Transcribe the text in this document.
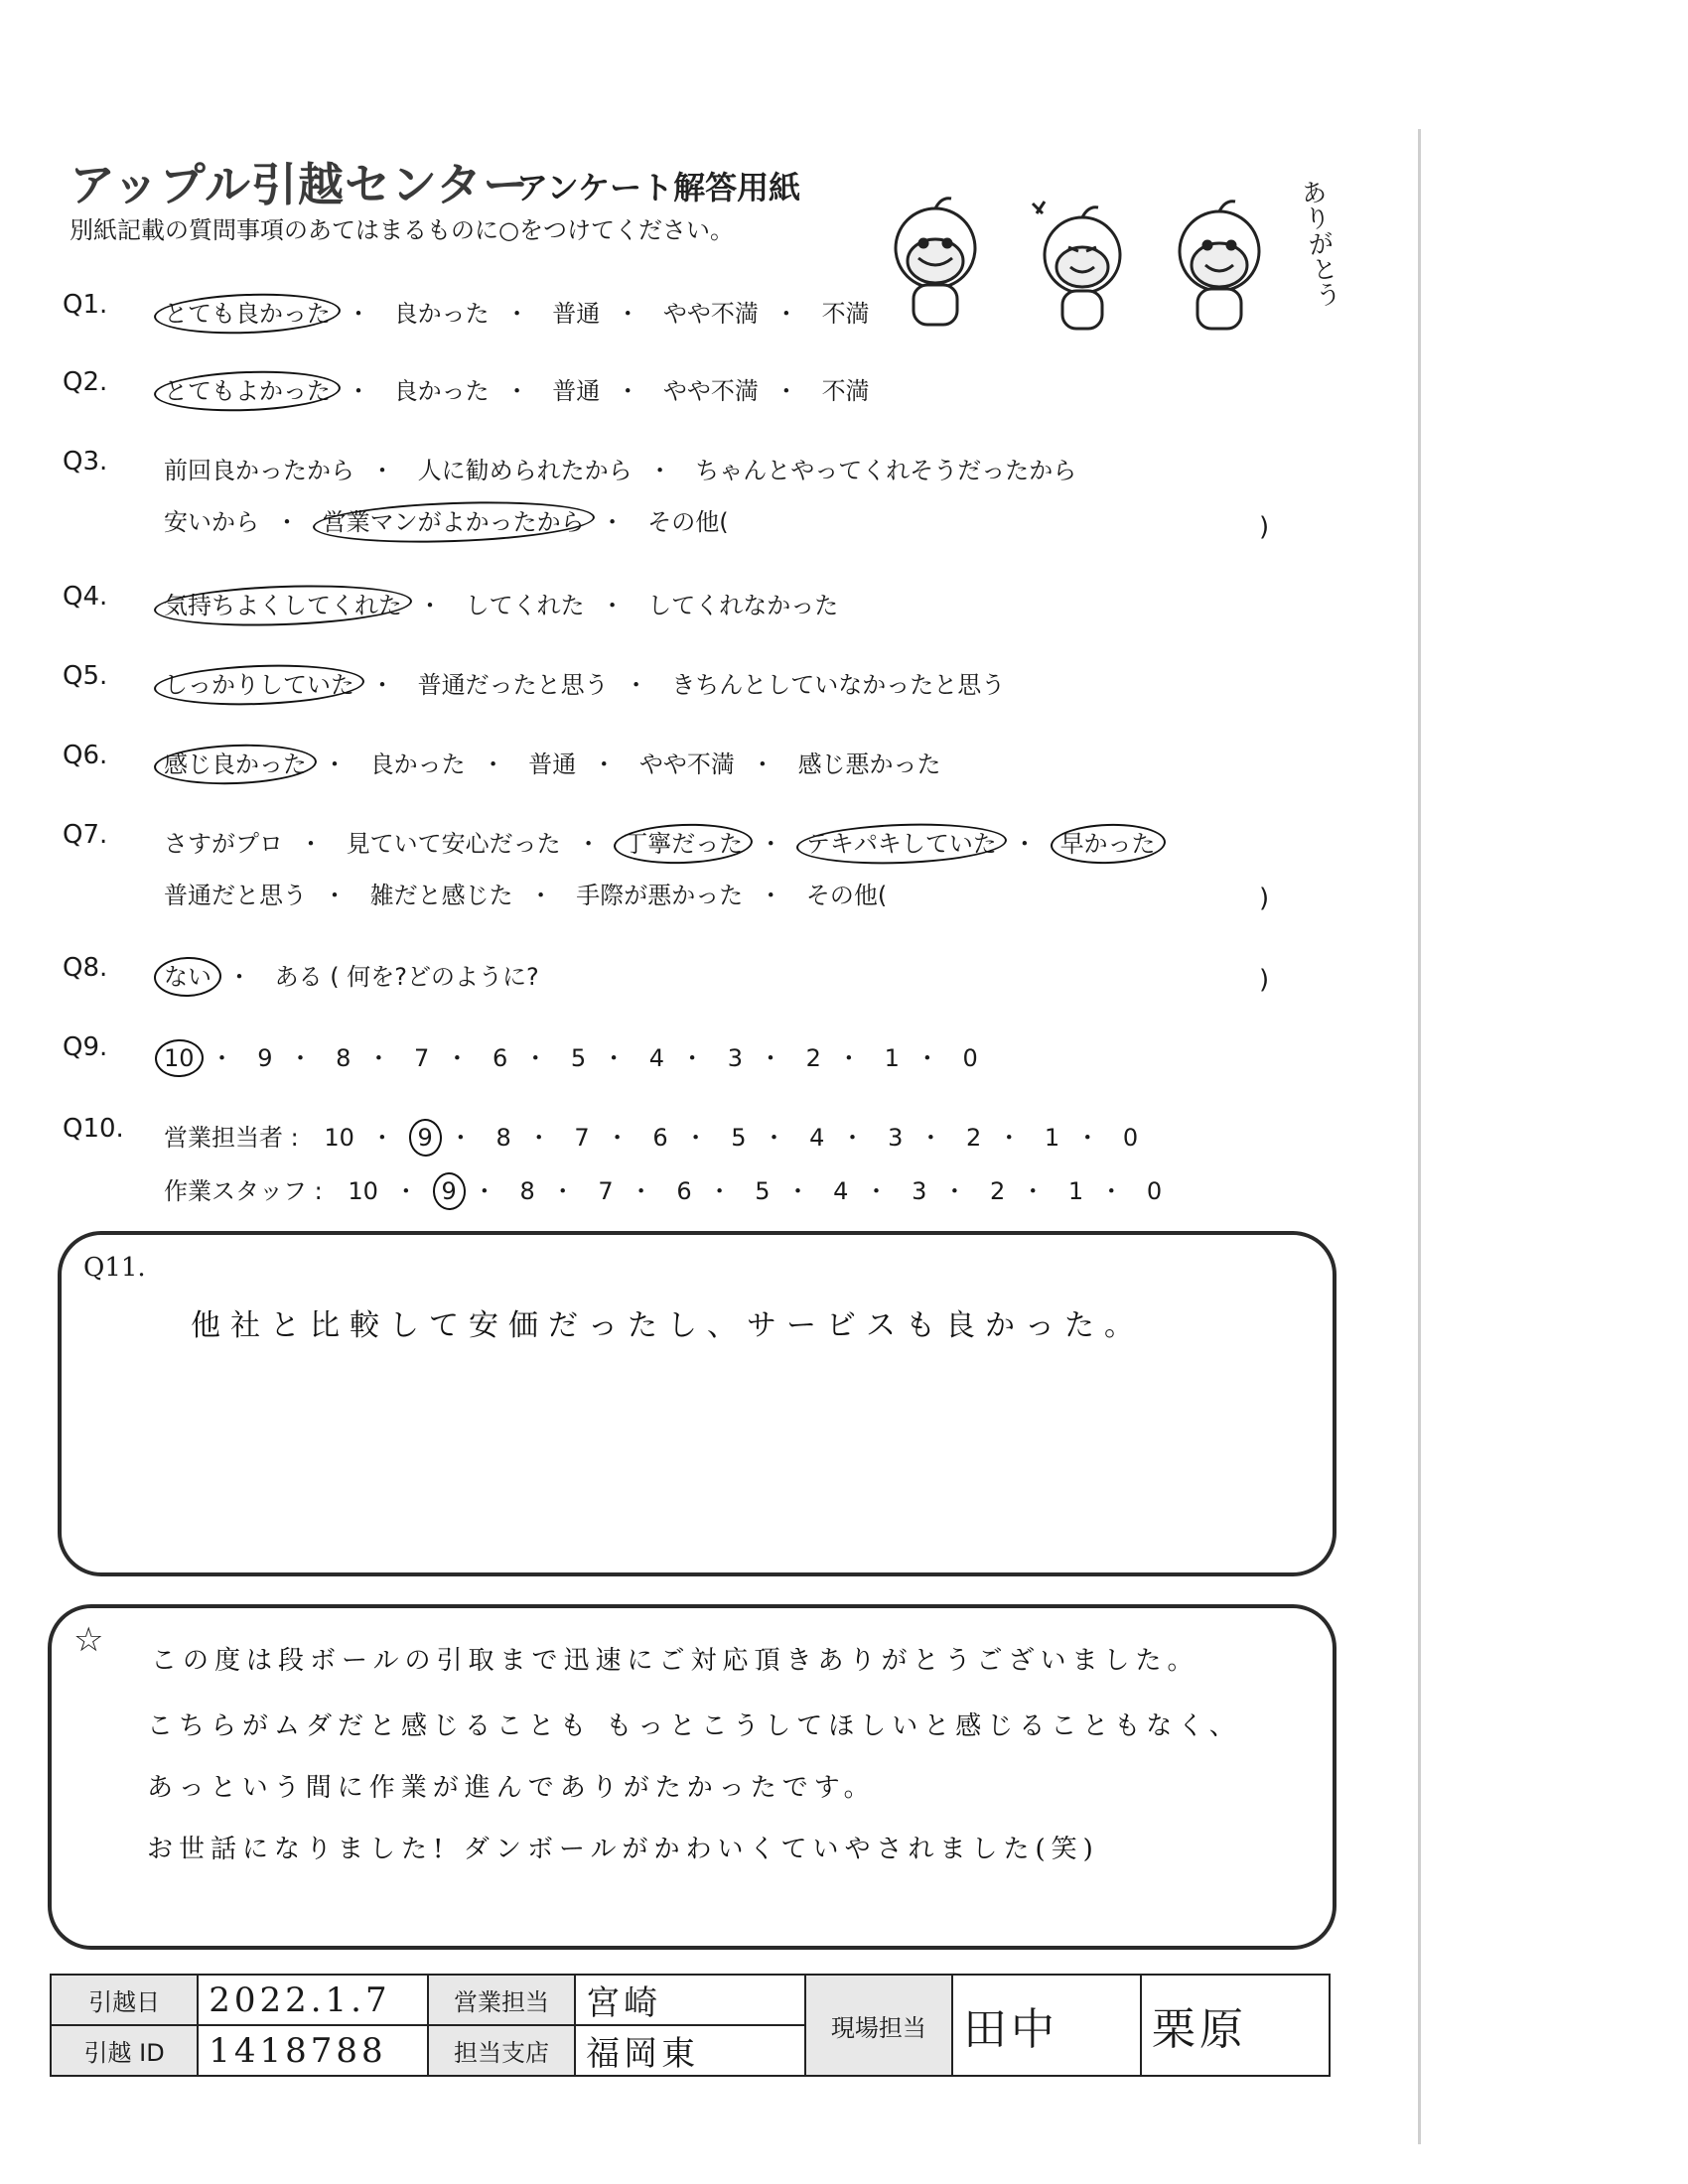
アップル引越センター
アンケート解答用紙
別紙記載の質問事項のあてはまるものに○をつけてください。	ありがとう
Q1. とても良かった ・ 良かった ・ 普通 ・ やや不満 ・ 不満
Q2. とてもよかった ・ 良かった ・ 普通 ・ やや不満 ・ 不満
Q3. 前回良かったから ・ 人に勧められたから ・ ちゃんとやってくれそうだったから
安いから ・ 営業マンがよかったから ・ その他(	)
Q4. 気持ちよくしてくれた ・ してくれた ・ してくれなかった
Q5. しっかりしていた ・ 普通だったと思う ・ きちんとしていなかったと思う
Q6. 感じ良かった ・ 良かった ・ 普通 ・ やや不満 ・ 感じ悪かった
Q7. さすがプロ ・ 見ていて安心だった ・ 丁寧だった ・ テキパキしていた ・ 早かった
普通だと思う ・ 雑だと感じた ・ 手際が悪かった ・ その他(	)
Q8. ない ・ ある ( 何を?どのように?	)
Q9. 10 ・ 9 ・ 8 ・ 7 ・ 6 ・ 5 ・ 4 ・ 3 ・ 2 ・ 1 ・ 0
Q10. 営業担当者 : 10 ・ 9 ・ 8 ・ 7 ・ 6 ・ 5 ・ 4 ・ 3 ・ 2 ・ 1 ・ 0
作業スタッフ : 10 ・ 9 ・ 8 ・ 7 ・ 6 ・ 5 ・ 4 ・ 3 ・ 2 ・ 1 ・ 0
Q11.
他社と比較して安価だったし、サービスも良かった。
☆
この度は段ボールの引取まで迅速にご対応頂きありがとうございました。
こちらがムダだと感じることも もっとこうしてほしいと感じることもなく、
あっという間に作業が進んでありがたかったです。
お世話になりました! ダンボールがかわいくていやされました(笑)
引越日	2022.1.7	営業担当	宮崎	現場担当	田中	栗原
引越 ID	1418788	担当支店	福岡東			
